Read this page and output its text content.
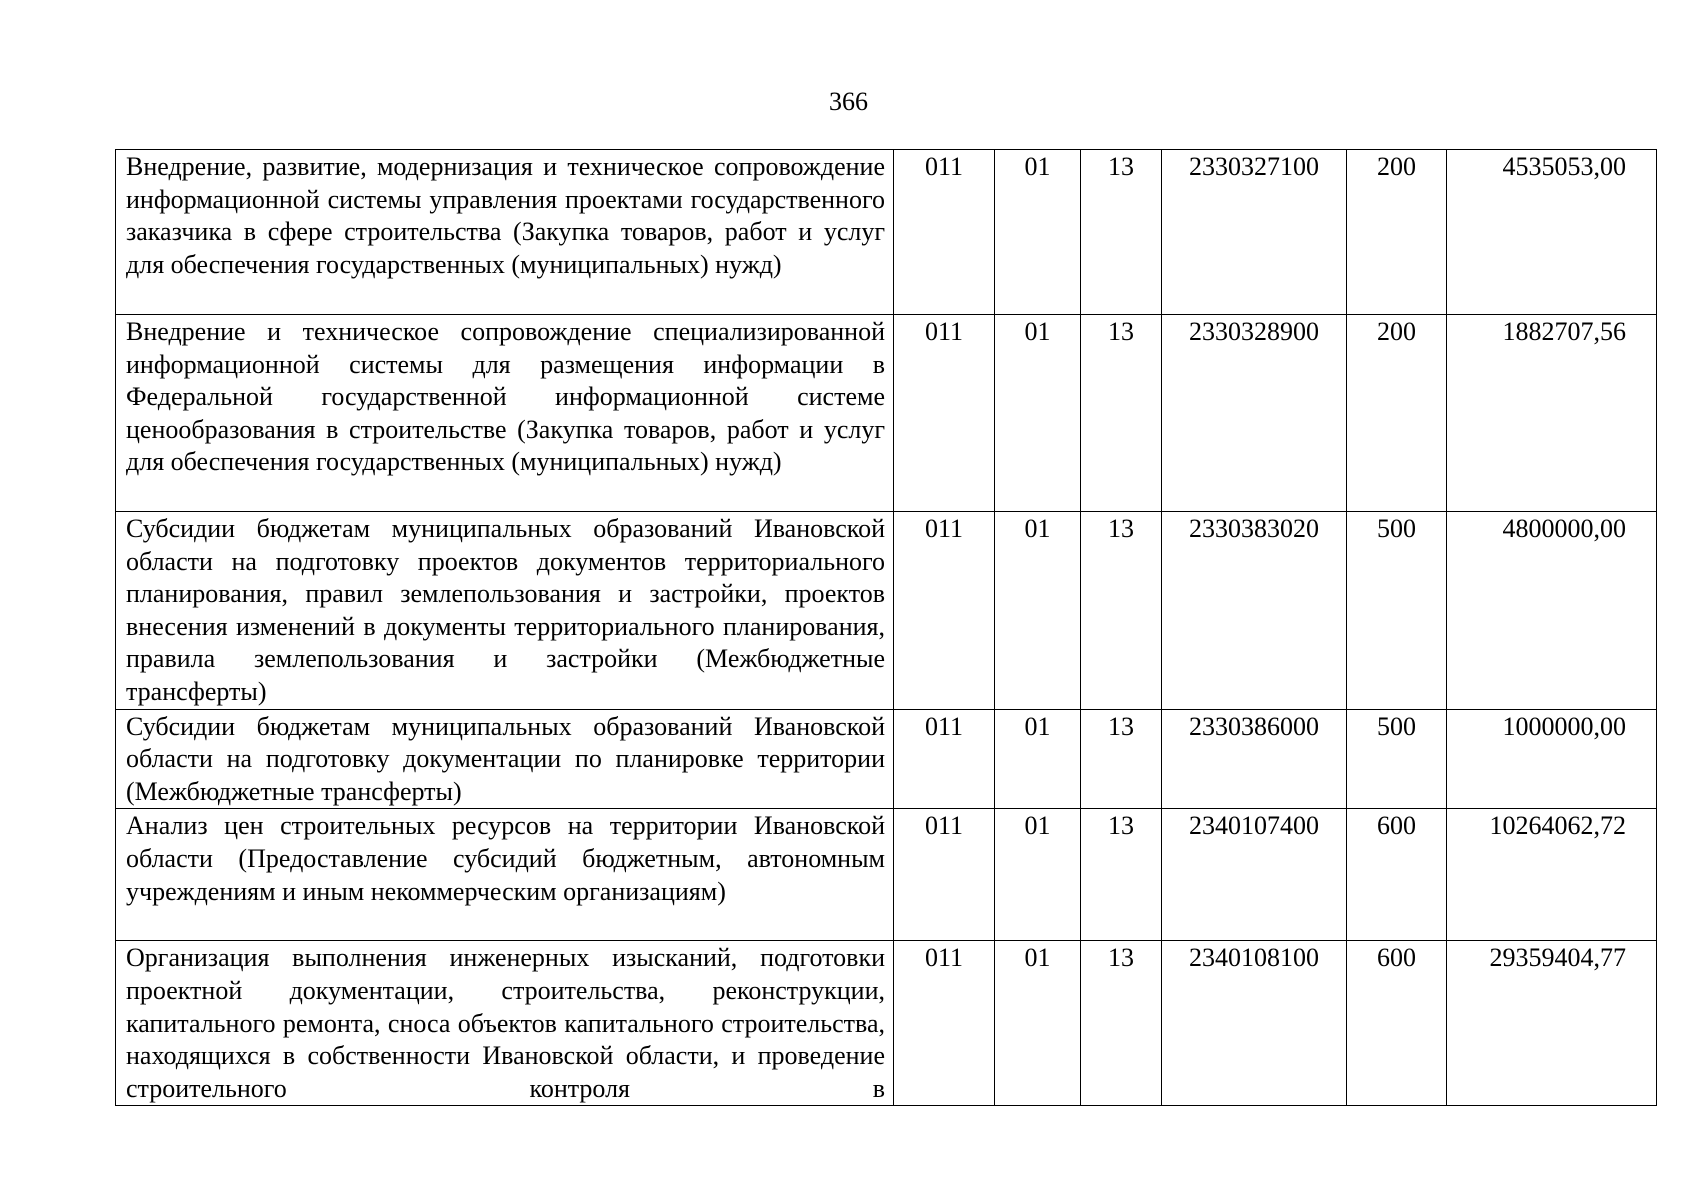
366
Внедрение, развитие, модернизация и техническое сопровождение информационной системы управления проектами государственного заказчика в сфере строительства (Закупка товаров, работ и услуг для обеспечения государственных (муниципальных) нужд)	011	01	13	2330327100	200	4535053,00
Внедрение и техническое сопровождение специализированной информационной системы для размещения информации в Федеральной государственной информационной системе ценообразования в строительстве (Закупка товаров, работ и услуг для обеспечения государственных (муниципальных) нужд)	011	01	13	2330328900	200	1882707,56
Субсидии бюджетам муниципальных образований Ивановской области на подготовку проектов документов территориального планирования, правил землепользования и застройки, проектов внесения изменений в документы территориального планирования, правила землепользования и застройки (Межбюджетные трансферты)	011	01	13	2330383020	500	4800000,00
Субсидии бюджетам муниципальных образований Ивановской области на подготовку документации по планировке территории (Межбюджетные трансферты)	011	01	13	2330386000	500	1000000,00
Анализ цен строительных ресурсов на территории Ивановской области (Предоставление субсидий бюджетным, автономным учреждениям и иным некоммерческим организациям)	011	01	13	2340107400	600	10264062,72
Организация выполнения инженерных изысканий, подготовки проектной документации, строительства, реконструкции, капитального ремонта, сноса объектов капитального строительства, находящихся в собственности Ивановской области, и проведение строительного контроля в	011	01	13	2340108100	600	29359404,77
